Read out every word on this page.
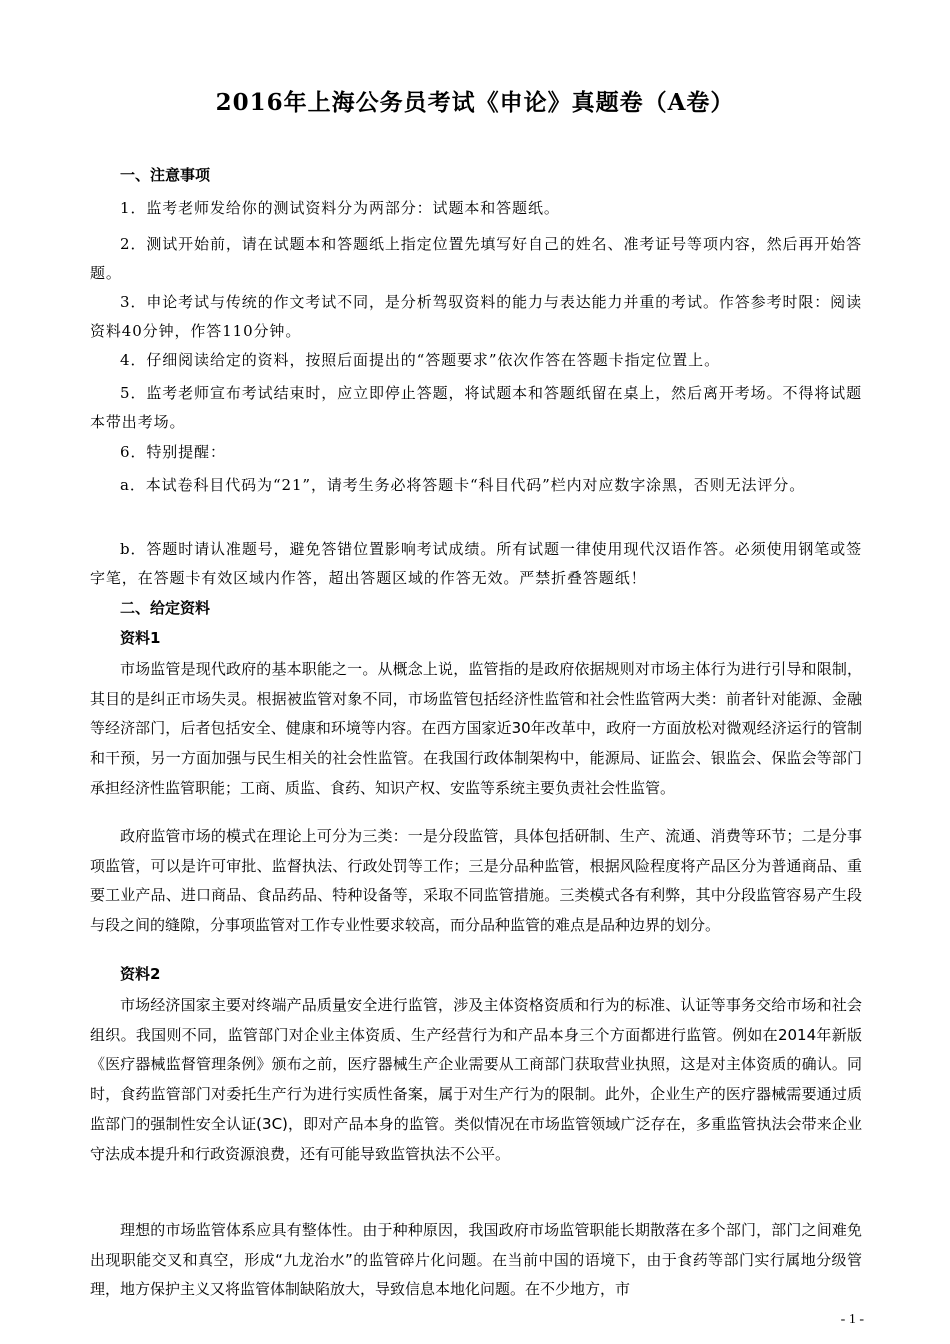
2016年上海公务员考试《申论》真题卷（A卷）
一、注意事项

1．监考老师发给你的测试资料分为两部分：试题本和答题纸。

2．测试开始前，请在试题本和答题纸上指定位置先填写好自己的姓名、准考证号等项内容，然后再开始答题。

3．申论考试与传统的作文考试不同，是分析驾驭资料的能力与表达能力并重的考试。作答参考时限：阅读资料40分钟，作答110分钟。

4．仔细阅读给定的资料，按照后面提出的“答题要求”依次作答在答题卡指定位置上。

5．监考老师宣布考试结束时，应立即停止答题，将试题本和答题纸留在桌上，然后离开考场。不得将试题本带出考场。

6．特别提醒：

a．本试卷科目代码为“21”，请考生务必将答题卡“科目代码”栏内对应数字涂黑，否则无法评分。

b．答题时请认准题号，避免答错位置影响考试成绩。所有试题一律使用现代汉语作答。必须使用钢笔或签字笔，在答题卡有效区域内作答，超出答题区域的作答无效。严禁折叠答题纸！

二、给定资料
资料1

市场监管是现代政府的基本职能之一。从概念上说，监管指的是政府依据规则对市场主体行为进行引导和限制，其目的是纠正市场失灵。根据被监管对象不同，市场监管包括经济性监管和社会性监管两大类：前者针对能源、金融等经济部门，后者包括安全、健康和环境等内容。在西方国家近30年改革中，政府一方面放松对微观经济运行的管制和干预，另一方面加强与民生相关的社会性监管。在我国行政体制架构中，能源局、证监会、银监会、保监会等部门承担经济性监管职能；工商、质监、食药、知识产权、安监等系统主要负责社会性监管。

政府监管市场的模式在理论上可分为三类：一是分段监管，具体包括研制、生产、流通、消费等环节；二是分事项监管，可以是许可审批、监督执法、行政处罚等工作；三是分品种监管，根据风险程度将产品区分为普通商品、重要工业产品、进口商品、食品药品、特种设备等，采取不同监管措施。三类模式各有利弊，其中分段监管容易产生段与段之间的缝隙，分事项监管对工作专业性要求较高，而分品种监管的难点是品种边界的划分。

资料2

市场经济国家主要对终端产品质量安全进行监管，涉及主体资格资质和行为的标准、认证等事务交给市场和社会组织。我国则不同，监管部门对企业主体资质、生产经营行为和产品本身三个方面都进行监管。例如在2014年新版《医疗器械监督管理条例》颁布之前，医疗器械生产企业需要从工商部门获取营业执照，这是对主体资质的确认。同时，食药监管部门对委托生产行为进行实质性备案，属于对生产行为的限制。此外，企业生产的医疗器械需要通过质监部门的强制性安全认证(3C)，即对产品本身的监管。类似情况在市场监管领域广泛存在，多重监管执法会带来企业守法成本提升和行政资源浪费，还有可能导致监管执法不公平。

理想的市场监管体系应具有整体性。由于种种原因，我国政府市场监管职能长期散落在多个部门，部门之间难免出现职能交叉和真空，形成“九龙治水”的监管碎片化问题。在当前中国的语境下，由于食药等部门实行属地分级管理，地方保护主义又将监管体制缺陷放大，导致信息本地化问题。在不少地方，市

- 1 -
